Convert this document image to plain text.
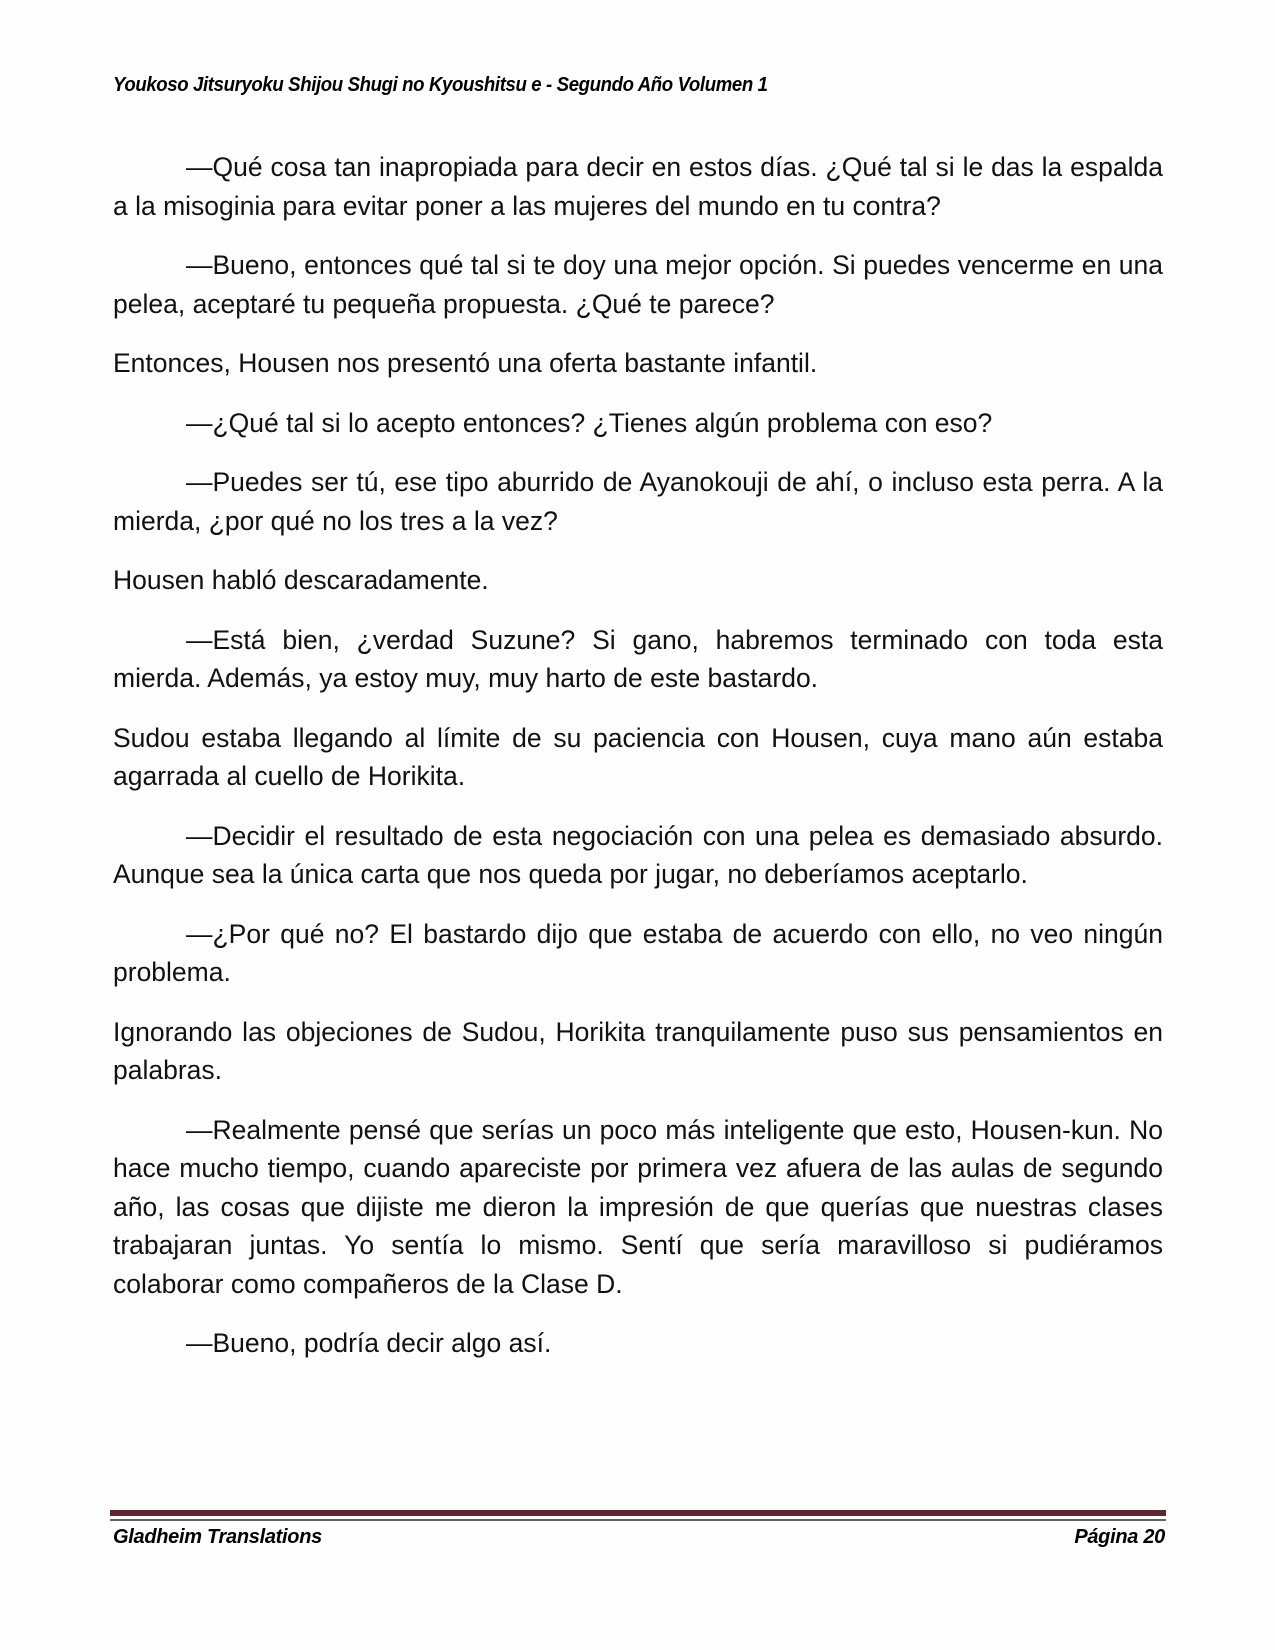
Youkoso Jitsuryoku Shijou Shugi no Kyoushitsu e - Segundo Año Volumen 1

—Qué cosa tan inapropiada para decir en estos días. ¿Qué tal si le das la espalda a la misoginia para evitar poner a las mujeres del mundo en tu contra?

—Bueno, entonces qué tal si te doy una mejor opción. Si puedes vencerme en una pelea, aceptaré tu pequeña propuesta. ¿Qué te parece?

Entonces, Housen nos presentó una oferta bastante infantil.

—¿Qué tal si lo acepto entonces? ¿Tienes algún problema con eso?

—Puedes ser tú, ese tipo aburrido de Ayanokouji de ahí, o incluso esta perra. A la mierda, ¿por qué no los tres a la vez?

Housen habló descaradamente.

—Está bien, ¿verdad Suzune? Si gano, habremos terminado con toda esta mierda. Además, ya estoy muy, muy harto de este bastardo.

Sudou estaba llegando al límite de su paciencia con Housen, cuya mano aún estaba agarrada al cuello de Horikita.

—Decidir el resultado de esta negociación con una pelea es demasiado absurdo. Aunque sea la única carta que nos queda por jugar, no deberíamos aceptarlo.

—¿Por qué no? El bastardo dijo que estaba de acuerdo con ello, no veo ningún problema.

Ignorando las objeciones de Sudou, Horikita tranquilamente puso sus pensamientos en palabras.

—Realmente pensé que serías un poco más inteligente que esto, Housen-kun. No hace mucho tiempo, cuando apareciste por primera vez afuera de las aulas de segundo año, las cosas que dijiste me dieron la impresión de que querías que nuestras clases trabajaran juntas. Yo sentía lo mismo. Sentí que sería maravilloso si pudiéramos colaborar como compañeros de la Clase D.

—Bueno, podría decir algo así.

Gladheim Translations	Página 20
